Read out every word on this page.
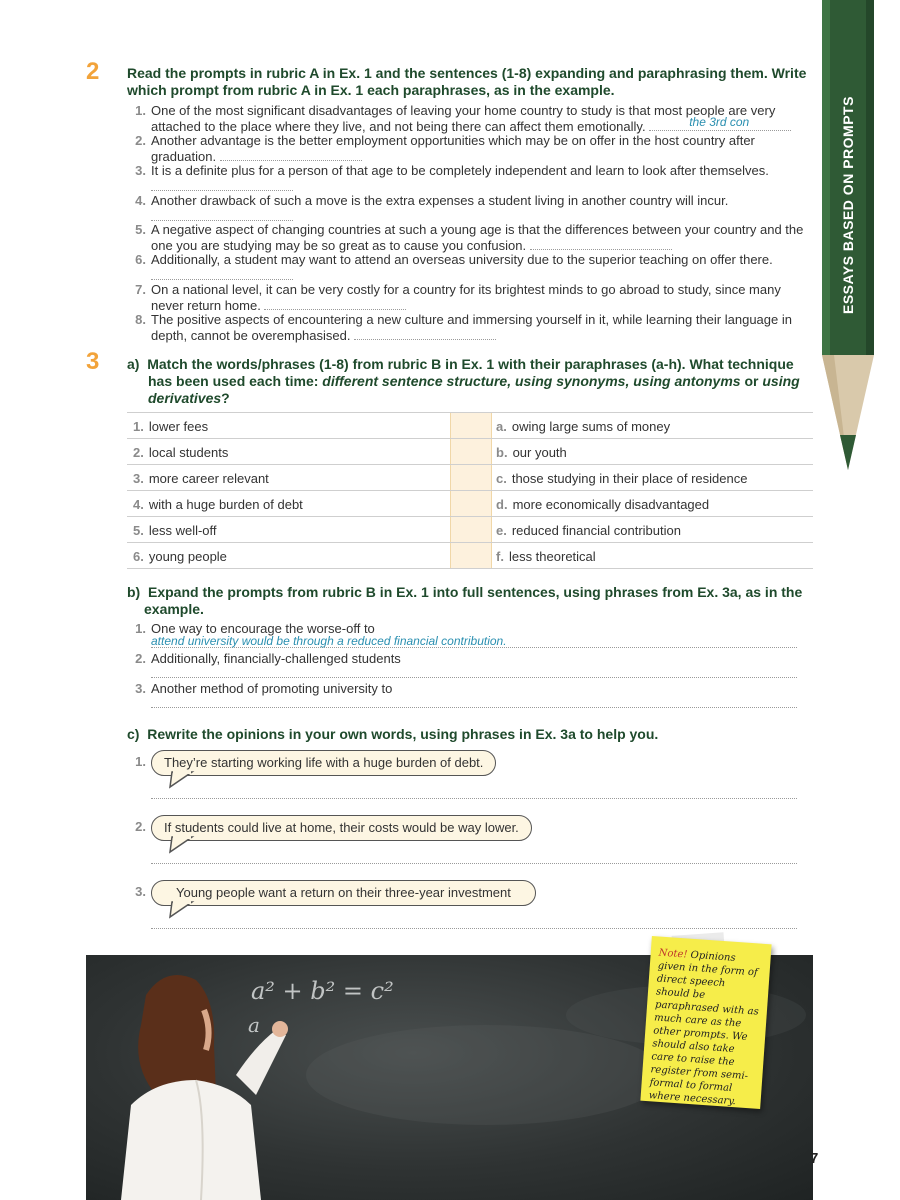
ESSAYS BASED ON PROMPTS
2 Read the prompts in rubric A in Ex. 1 and the sentences (1-8) expanding and paraphrasing them. Write which prompt from rubric A in Ex. 1 each paraphrases, as in the example.
1. One of the most significant disadvantages of leaving your home country to study is that most people are very
attached to the place where they live, and not being there can affect them emotionally.	the 3rd con
2. Another advantage is the better employment opportunities which may be on offer in the host country after
graduation.
3. It is a definite plus for a person of that age to be completely independent and learn to look after themselves.
4. Another drawback of such a move is the extra expenses a student living in another country will incur.
5. A negative aspect of changing countries at such a young age is that the differences between your country and the
one you are studying may be so great as to cause you confusion.
6. Additionally, a student may want to attend an overseas university due to the superior teaching on offer there.
7. On a national level, it can be very costly for a country for its brightest minds to go abroad to study, since many
never return home.
8. The positive aspects of encountering a new culture and immersing yourself in it, while learning their language in
depth, cannot be overemphasised.
3 a) Match the words/phrases (1-8) from rubric B in Ex. 1 with their paraphrases (a-h). What technique
has been used each time: different sentence structure, using synonyms, using antonyms or using
derivatives?
1. lower fees	a. owing large sums of money
2. local students	b. our youth
3. more career relevant	c. those studying in their place of residence
4. with a huge burden of debt	d. more economically disadvantaged
5. less well-off	e. reduced financial contribution
6. young people	f. less theoretical
b) Expand the prompts from rubric B in Ex. 1 into full sentences, using phrases from Ex. 3a, as in the
example.
1. One way to encourage the worse-off to
attend university would be through a reduced financial contribution.
2. Additionally, financially-challenged students
3. Another method of promoting university to
c) Rewrite the opinions in your own words, using phrases in Ex. 3a to help you.
1.	They’re starting working life with a huge burden of debt.
2.	If students could live at home, their costs would be way lower.
3.	Young people want a return on their three-year investment
a² + b² = c²
a
Note! Opinions given in the form of direct speech should be paraphrased with as much care as the other prompts. We should also take care to raise the register from semi-formal to formal where necessary.
7
